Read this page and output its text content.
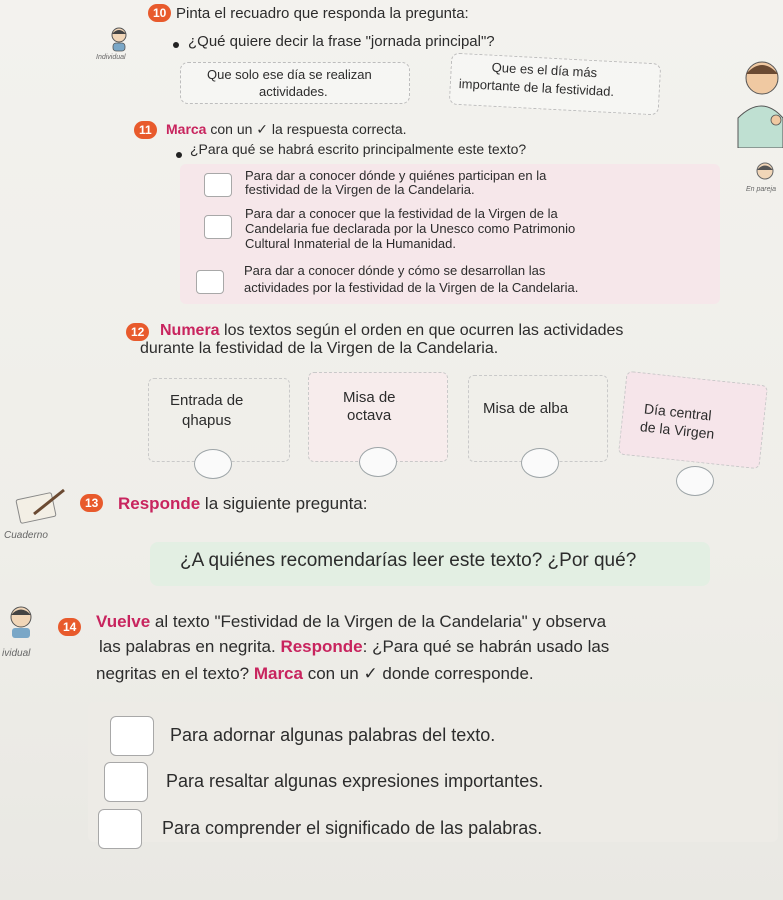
Individual
10 Pinta el recuadro que responda la pregunta:
¿Qué quiere decir la frase "jornada principal"?
Que solo ese día se realizan
actividades.
Que es el día más
importante de la festividad.
En pareja
11	Marca con un ✓ la respuesta correcta.
¿Para qué se habrá escrito principalmente este texto?
Para dar a conocer dónde y quiénes participan en la
festividad de la Virgen de la Candelaria.
Para dar a conocer que la festividad de la Virgen de la
Candelaria fue declarada por la Unesco como Patrimonio
Cultural Inmaterial de la Humanidad.
Para dar a conocer dónde y cómo se desarrollan las
actividades por la festividad de la Virgen de la Candelaria.
12 Numera los textos según el orden en que ocurren las actividades
durante la festividad de la Virgen de la Candelaria.
Entrada de
qhapus
Misa de
octava	Misa de alba	Día central
de la Virgen
Cuaderno
13 Responde la siguiente pregunta:
¿A quiénes recomendarías leer este texto? ¿Por qué?
ividual
14 Vuelve al texto "Festividad de la Virgen de la Candelaria" y observa
las palabras en negrita. Responde: ¿Para qué se habrán usado las
negritas en el texto? Marca con un ✓ donde corresponde.
Para adornar algunas palabras del texto.
Para resaltar algunas expresiones importantes.
Para comprender el significado de las palabras.
